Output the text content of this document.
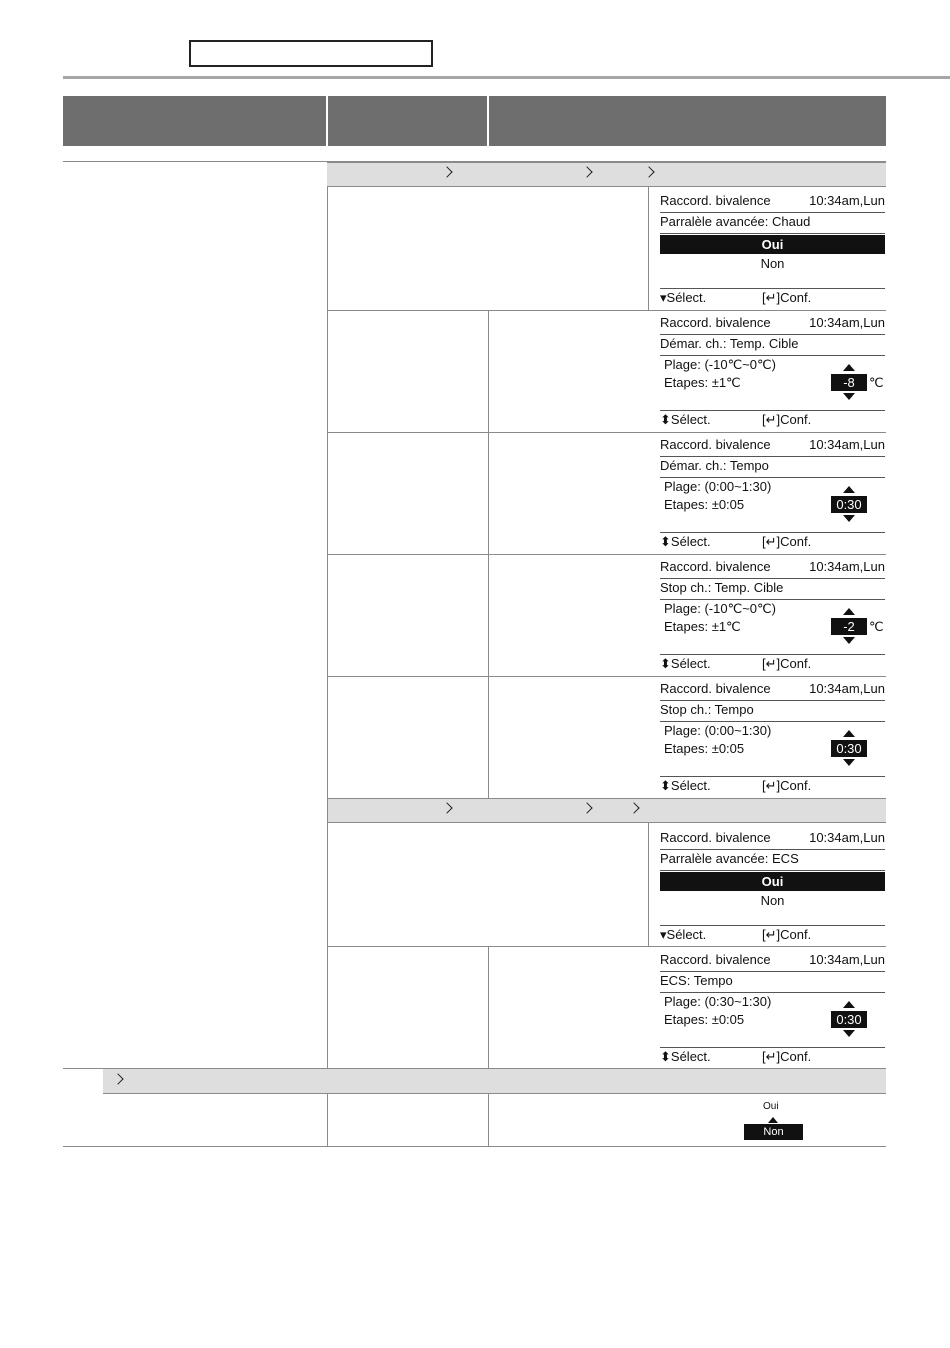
Raccord. bivalence	10:34am,Lun
Parralèle avancée: Chaud
Oui
Non
▾Sélect.	[↵]Conf.
Raccord. bivalence	10:34am,Lun
Démar. ch.: Temp. Cible
Plage: (-10℃~0℃)
Etapes: ±1℃	-8	℃
⬍Sélect.	[↵]Conf.
Raccord. bivalence	10:34am,Lun
Démar. ch.: Tempo
Plage: (0:00~1:30)
Etapes: ±0:05	0:30
⬍Sélect.	[↵]Conf.
Raccord. bivalence	10:34am,Lun
Stop ch.: Temp. Cible
Plage: (-10℃~0℃)
Etapes: ±1℃	-2	℃
⬍Sélect.	[↵]Conf.
Raccord. bivalence	10:34am,Lun
Stop ch.: Tempo
Plage: (0:00~1:30)
Etapes: ±0:05	0:30
⬍Sélect.	[↵]Conf.
Raccord. bivalence	10:34am,Lun
Parralèle avancée: ECS
Oui
Non
▾Sélect.	[↵]Conf.
Raccord. bivalence	10:34am,Lun
ECS: Tempo
Plage: (0:30~1:30)
Etapes: ±0:05	0:30
⬍Sélect.	[↵]Conf.
Oui
Non
